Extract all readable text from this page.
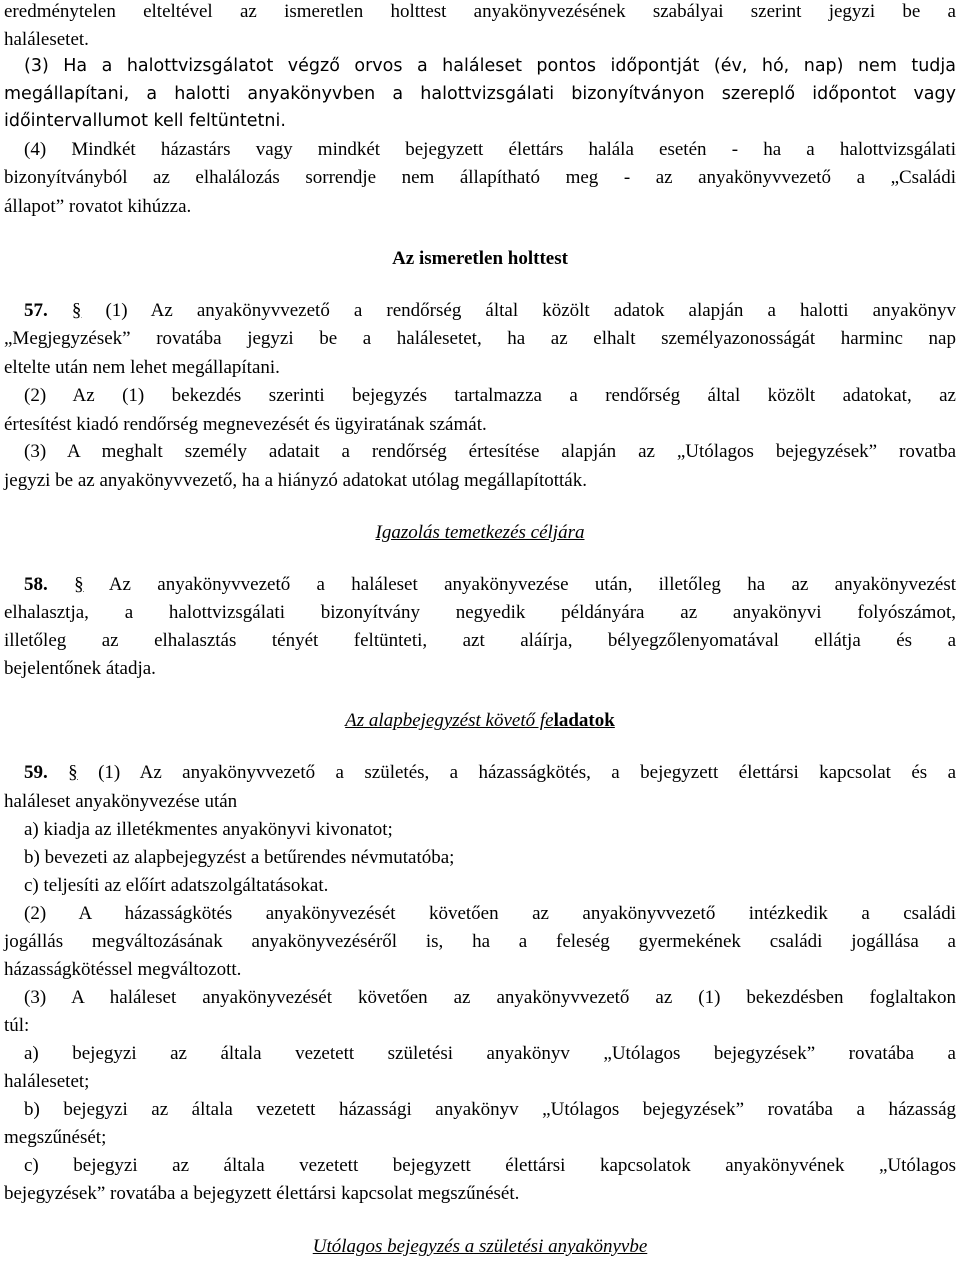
eredménytelen elteltével az ismeretlen holttest anyakönyvezésének szabályai szerint jegyzi be a
halálesetet.
(3) Ha a halottvizsgálatot végző orvos a haláleset pontos időpontját (év, hó, nap) nem tudja
megállapítani, a halotti anyakönyvben a halottvizsgálati bizonyítványon szereplő időpontot vagy
időintervallumot kell feltüntetni.
(4) Mindkét házastárs vagy mindkét bejegyzett élettárs halála esetén - ha a halottvizsgálati
bizonyítványból az elhalálozás sorrendje nem állapítható meg - az anyakönyvvezető a „Családi
állapot” rovatot kihúzza.
Az ismeretlen holttest
57. § (1) Az anyakönyvvezető a rendőrség által közölt adatok alapján a halotti anyakönyv
„Megjegyzések” rovatába jegyzi be a halálesetet, ha az elhalt személyazonosságát harminc nap
eltelte után nem lehet megállapítani.
(2) Az (1) bekezdés szerinti bejegyzés tartalmazza a rendőrség által közölt adatokat, az
értesítést kiadó rendőrség megnevezését és ügyiratának számát.
(3) A meghalt személy adatait a rendőrség értesítése alapján az „Utólagos bejegyzések” rovatba
jegyzi be az anyakönyvvezető, ha a hiányzó adatokat utólag megállapították.
Igazolás temetkezés céljára
58. § Az anyakönyvvezető a haláleset anyakönyvezése után, illetőleg ha az anyakönyvezést
elhalasztja, a halottvizsgálati bizonyítvány negyedik példányára az anyakönyvi folyószámot,
illetőleg az elhalasztás tényét feltünteti, azt aláírja, bélyegzőlenyomatával ellátja és a
bejelentőnek átadja.
Az alapbejegyzést követő feladatok
59. § (1) Az anyakönyvvezető a születés, a házasságkötés, a bejegyzett élettársi kapcsolat és a
haláleset anyakönyvezése után
a) kiadja az illetékmentes anyakönyvi kivonatot;
b) bevezeti az alapbejegyzést a betűrendes névmutatóba;
c) teljesíti az előírt adatszolgáltatásokat.
(2) A házasságkötés anyakönyvezését követően az anyakönyvvezető intézkedik a családi
jogállás megváltozásának anyakönyvezéséről is, ha a feleség gyermekének családi jogállása a
házasságkötéssel megváltozott.
(3) A haláleset anyakönyvezését követően az anyakönyvvezető az (1) bekezdésben foglaltakon
túl:
a) bejegyzi az általa vezetett születési anyakönyv „Utólagos bejegyzések” rovatába a
halálesetet;
b) bejegyzi az általa vezetett házassági anyakönyv „Utólagos bejegyzések” rovatába a házasság
megszűnését;
c) bejegyzi az általa vezetett bejegyzett élettársi kapcsolatok anyakönyvének „Utólagos
bejegyzések” rovatába a bejegyzett élettársi kapcsolat megszűnését.
Utólagos bejegyzés a születési anyakönyvbe
